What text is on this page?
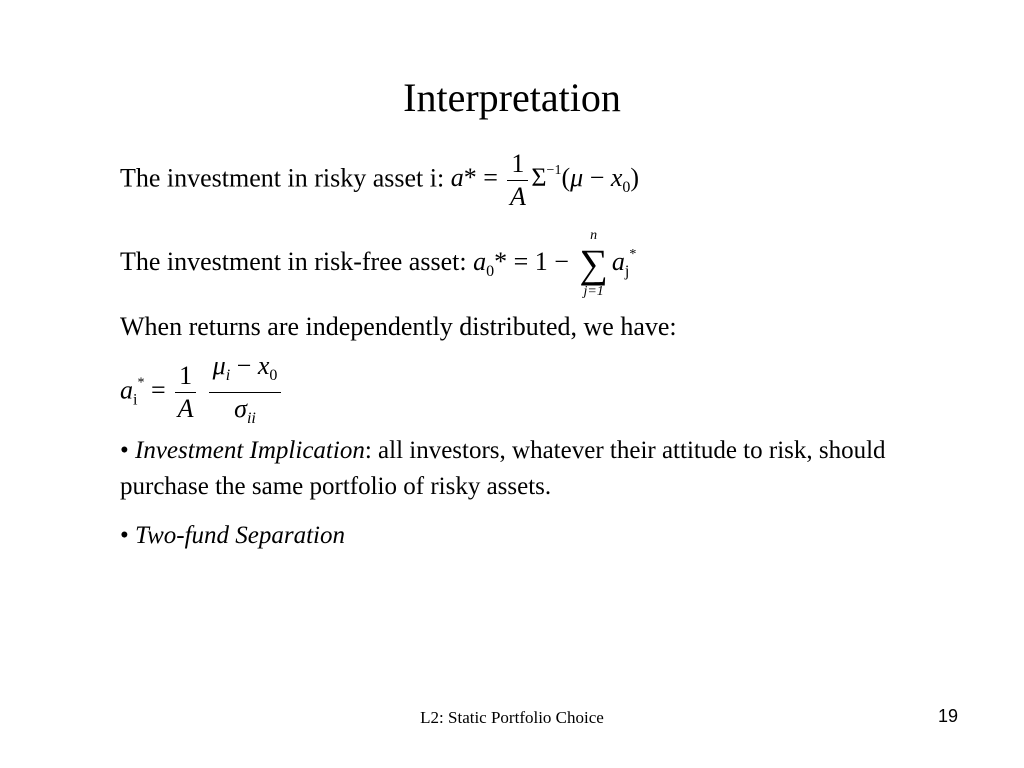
Interpretation
The investment in risky asset i: $a* = \frac{1}{A} \Sigma^{-1}(\mu - x_0)$
The investment in risk-free asset: $a_0* = 1$ −
n
∑
j=1
$a_j^*$
When returns are independently distributed, we have:
$a_i^* = \frac{1}{A}$
$\frac{\mu_i - x_0}{\sigma_{ii}}$
• Investment Implication: all investors, whatever their attitude to risk, should purchase the same portfolio of risky assets.
• Two-fund Separation
L2: Static Portfolio Choice	19
